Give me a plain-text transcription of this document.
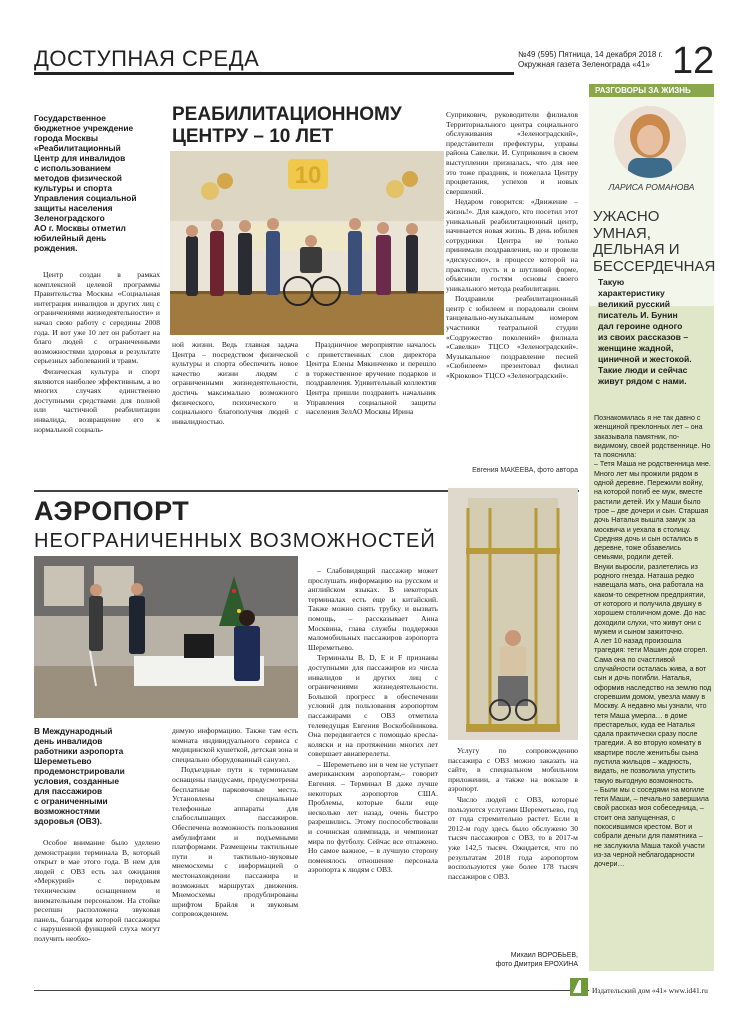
ДОСТУПНАЯ СРЕДА	№49 (595) Пятница, 14 декабря 2018 г.
Окружная газета Зеленограда «41» 12
РЕАБИЛИТАЦИОННОМУ
ЦЕНТРУ – 10 ЛЕТ
Государственное
бюджетное учреждение
города Москвы
«Реабилитационный
Центр для инвалидов
с использованием
методов физической
культуры и спорта
Управления социальной
защиты населения
Зеленоградского
АО г. Москвы отметил
юбилейный день
рождения.
10

Центр создан в рамках комплексной целевой программы Правительства Москвы «Социальная интеграция инвалидов и других лиц с ограничениями жизнедеятельности» и начал свою работу с середины 2008 года. И вот уже 10 лет он работает на благо людей с ограниченными возможностями здоровья в результате серьезных заболеваний и травм.

Физическая культура и спорт являются наиболее эффективным, а во многих случаях единственно доступными средствами для полной или частичной реабилитации инвалида, возвращение его к нормальной социаль-

ной жизни. Ведь главная задача Центра – посредством физической культуры и спорта обеспечить новое качество жизни людям с ограниченными жизнедеятельности, достичь максимально возможного физического, психического и социального благополучия людей с инвалидностью.

Праздничное мероприятие началось с приветственных слов директора Центра Елены Мякинченко и перешло в торжественное вручение подарков и поздравления. Удивительный коллектив Центра пришли поздравить начальник Управления социальной защиты населения ЗелАО Москвы Ирина

Суприкович, руководители филиалов Территориального центра социального обслуживания «Зеленоградский», представители префектуры, управы района Савелки. И. Суприкович в своем выступлении призналась, что для нее это тоже праздник, и пожелала Центру процветания, успехов и новых свершений.

Недаром говорится: «Движение – жизнь!». Для каждого, кто посетил этот уникальный реабилитационный центр, начинается новая жизнь. В день юбилея сотрудники Центра не только принимали поздравления, но и провели «дискуссию», в процессе которой на практике, пусть и в шутливой форме, объяснили гостям основы своего уникального метода реабилитации.

Поздравили реабилитационный центр с юбилеем и порадовали своим танцевально-музыкальным номером участники театральной студии «Содружество поколений» филиала «Савелки» ТЦСО «Зеленоградский». Музыкальное поздравление песней «Сюбилеем» презентовал филиал «Крюково» ТЦСО «Зеленоградский».

Евгения МАКЕЕВА, фото автора
АЭРОПОРТ
НЕОГРАНИЧЕННЫХ ВОЗМОЖНОСТЕЙ
В Международный
день инвалидов
работники аэропорта
Шереметьево
продемонстрировали
условия, созданные
для пассажиров
с ограниченными
возможностями
здоровья (ОВЗ).

Особое внимание было уделено демонстрации терминала В, который открыт в мае этого года. В нем для людей с ОВЗ есть зал ожидания «Меркурий» с передовым техническим оснащением и внимательным персоналом. На стойке ресепшн расположена звуковая панель, благодаря которой пассажиры с нарушенной функцией слуха могут получить необхо-

димую информацию. Также там есть комната индивидуального сервиса с медицинской кушеткой, детская зона и специально оборудованный санузел.

Подъездные пути к терминалам оснащены пандусами, предусмотрены бесплатные парковочные места. Установлены специальные телефонные аппараты для слабослышащих пассажиров. Обеспечена возможность пользования амбулифтами и подъемными платформами. Размещены тактильные пути и тактильно-звуковые мнемосхемы с информацией о местонахождении пассажира и возможных маршрутах движения. Мнемосхемы продублированы шрифтом Брайля и звуковым сопровождением.

– Слабовидящий пассажир может прослушать информацию на русском и английском языках. В некоторых терминалах есть еще и китайский. Также можно снять трубку и вызвать помощь, – рассказывает Анна Москвина, глава службы поддержки маломобильных пассажиров аэропорта Шереметьево.

Терминалы B, D, E и F признаны доступными для пассажиров из числа инвалидов и других лиц с ограничениями жизнедеятельности. Большой прогресс в обеспечении условий для пользования аэропортом пассажирами с ОВЗ отметила телеведущая Евгения Воскобойникова. Она передвигается с помощью кресла-коляски и на протяжении многих лет совершает авиаперелеты.

– Шереметьево ни в чем не уступает американским аэропортам,– говорит Евгения. – Терминал В даже лучше некоторых аэропортов США. Проблемы, которые были еще несколько лет назад, очень быстро разрешились. Этому поспособствовали и сочинская олимпиада, и чемпионат мира по футболу. Сейчас все отлажено. Но самое важное, – в лучшую сторону поменялось отношение персонала аэропорта к людям с ОВЗ.

Услугу по сопровождению пассажира с ОВЗ можно заказать на сайте, в специальном мобильном приложении, а также на вокзале в аэропорт.

Число людей с ОВЗ, которые пользуются услугами Шереметьево, год от года стремительно растет. Если в 2012-м году здесь было обслужено 30 тысяч пассажиров с ОВЗ, то в 2017-м уже 142,5 тысяч. Ожидается, что по результатам 2018 года аэропортом воспользуются уже более 178 тысяч пассажиров с ОВЗ.

Михаил ВОРОБЬЕВ,
фото Дмитрия ЕРОХИНА
РАЗГОВОРЫ ЗА ЖИЗНЬ
ЛАРИСА РОМАНОВА
УЖАСНО
УМНАЯ,
ДЕЛЬНАЯ И
БЕССЕРДЕЧНАЯ
Такую
характеристику
великий русский
писатель И. Бунин
дал героине одного
из своих рассказов –
женщине жадной,
циничной и жестокой.
Такие люди и сейчас
живут рядом с нами.

Познакомилась я не так давно с женщиной преклонных лет – она заказывала памятник, по-видимому, своей родственнице. Но та пояснила:

– Тетя Маша не родственница мне. Много лет мы прожили рядом в одной деревне. Пережили войну, на которой погиб ее муж, вместе растили детей. Их у Маши было трое – две дочери и сын. Старшая дочь Наталья вышла замуж за москвича и уехала в столицу. Средняя дочь и сын остались в деревне, тоже обзавелись семьями, родили детей.

Внуки выросли, разлетелись из родного гнезда. Наташа редко навещала мать, она работала на каком-то секретном предприятии, от которого и получила двушку в хорошем столичном доме. До нас доходили слухи, что живут они с мужем и сыном зажиточно.

А лет 10 назад произошла трагедия: тети Машин дом сгорел. Сама она по счастливой случайности осталась жива, а вот сын и дочь погибли. Наталья, оформив наследство на землю под сгоревшим домом, увезла маму в Москву. А недавно мы узнали, что тетя Маша умерла… в доме престарелых, куда ее Наталья сдала практически сразу после трагедии. А во вторую комнату в квартире после женитьбы сына пустила жильцов – жадность, видать, не позволила упустить такую выгодную возможность.

– Были мы с соседями на могиле тети Маши, – печально завершила свой рассказ моя собеседница, – стоит она запущенная, с покосившимся крестом. Вот и собрали деньги для памятника – не заслужила Маша такой участи из-за черной неблагодарности дочери…

Издательский дом «41» www.id41.ru
